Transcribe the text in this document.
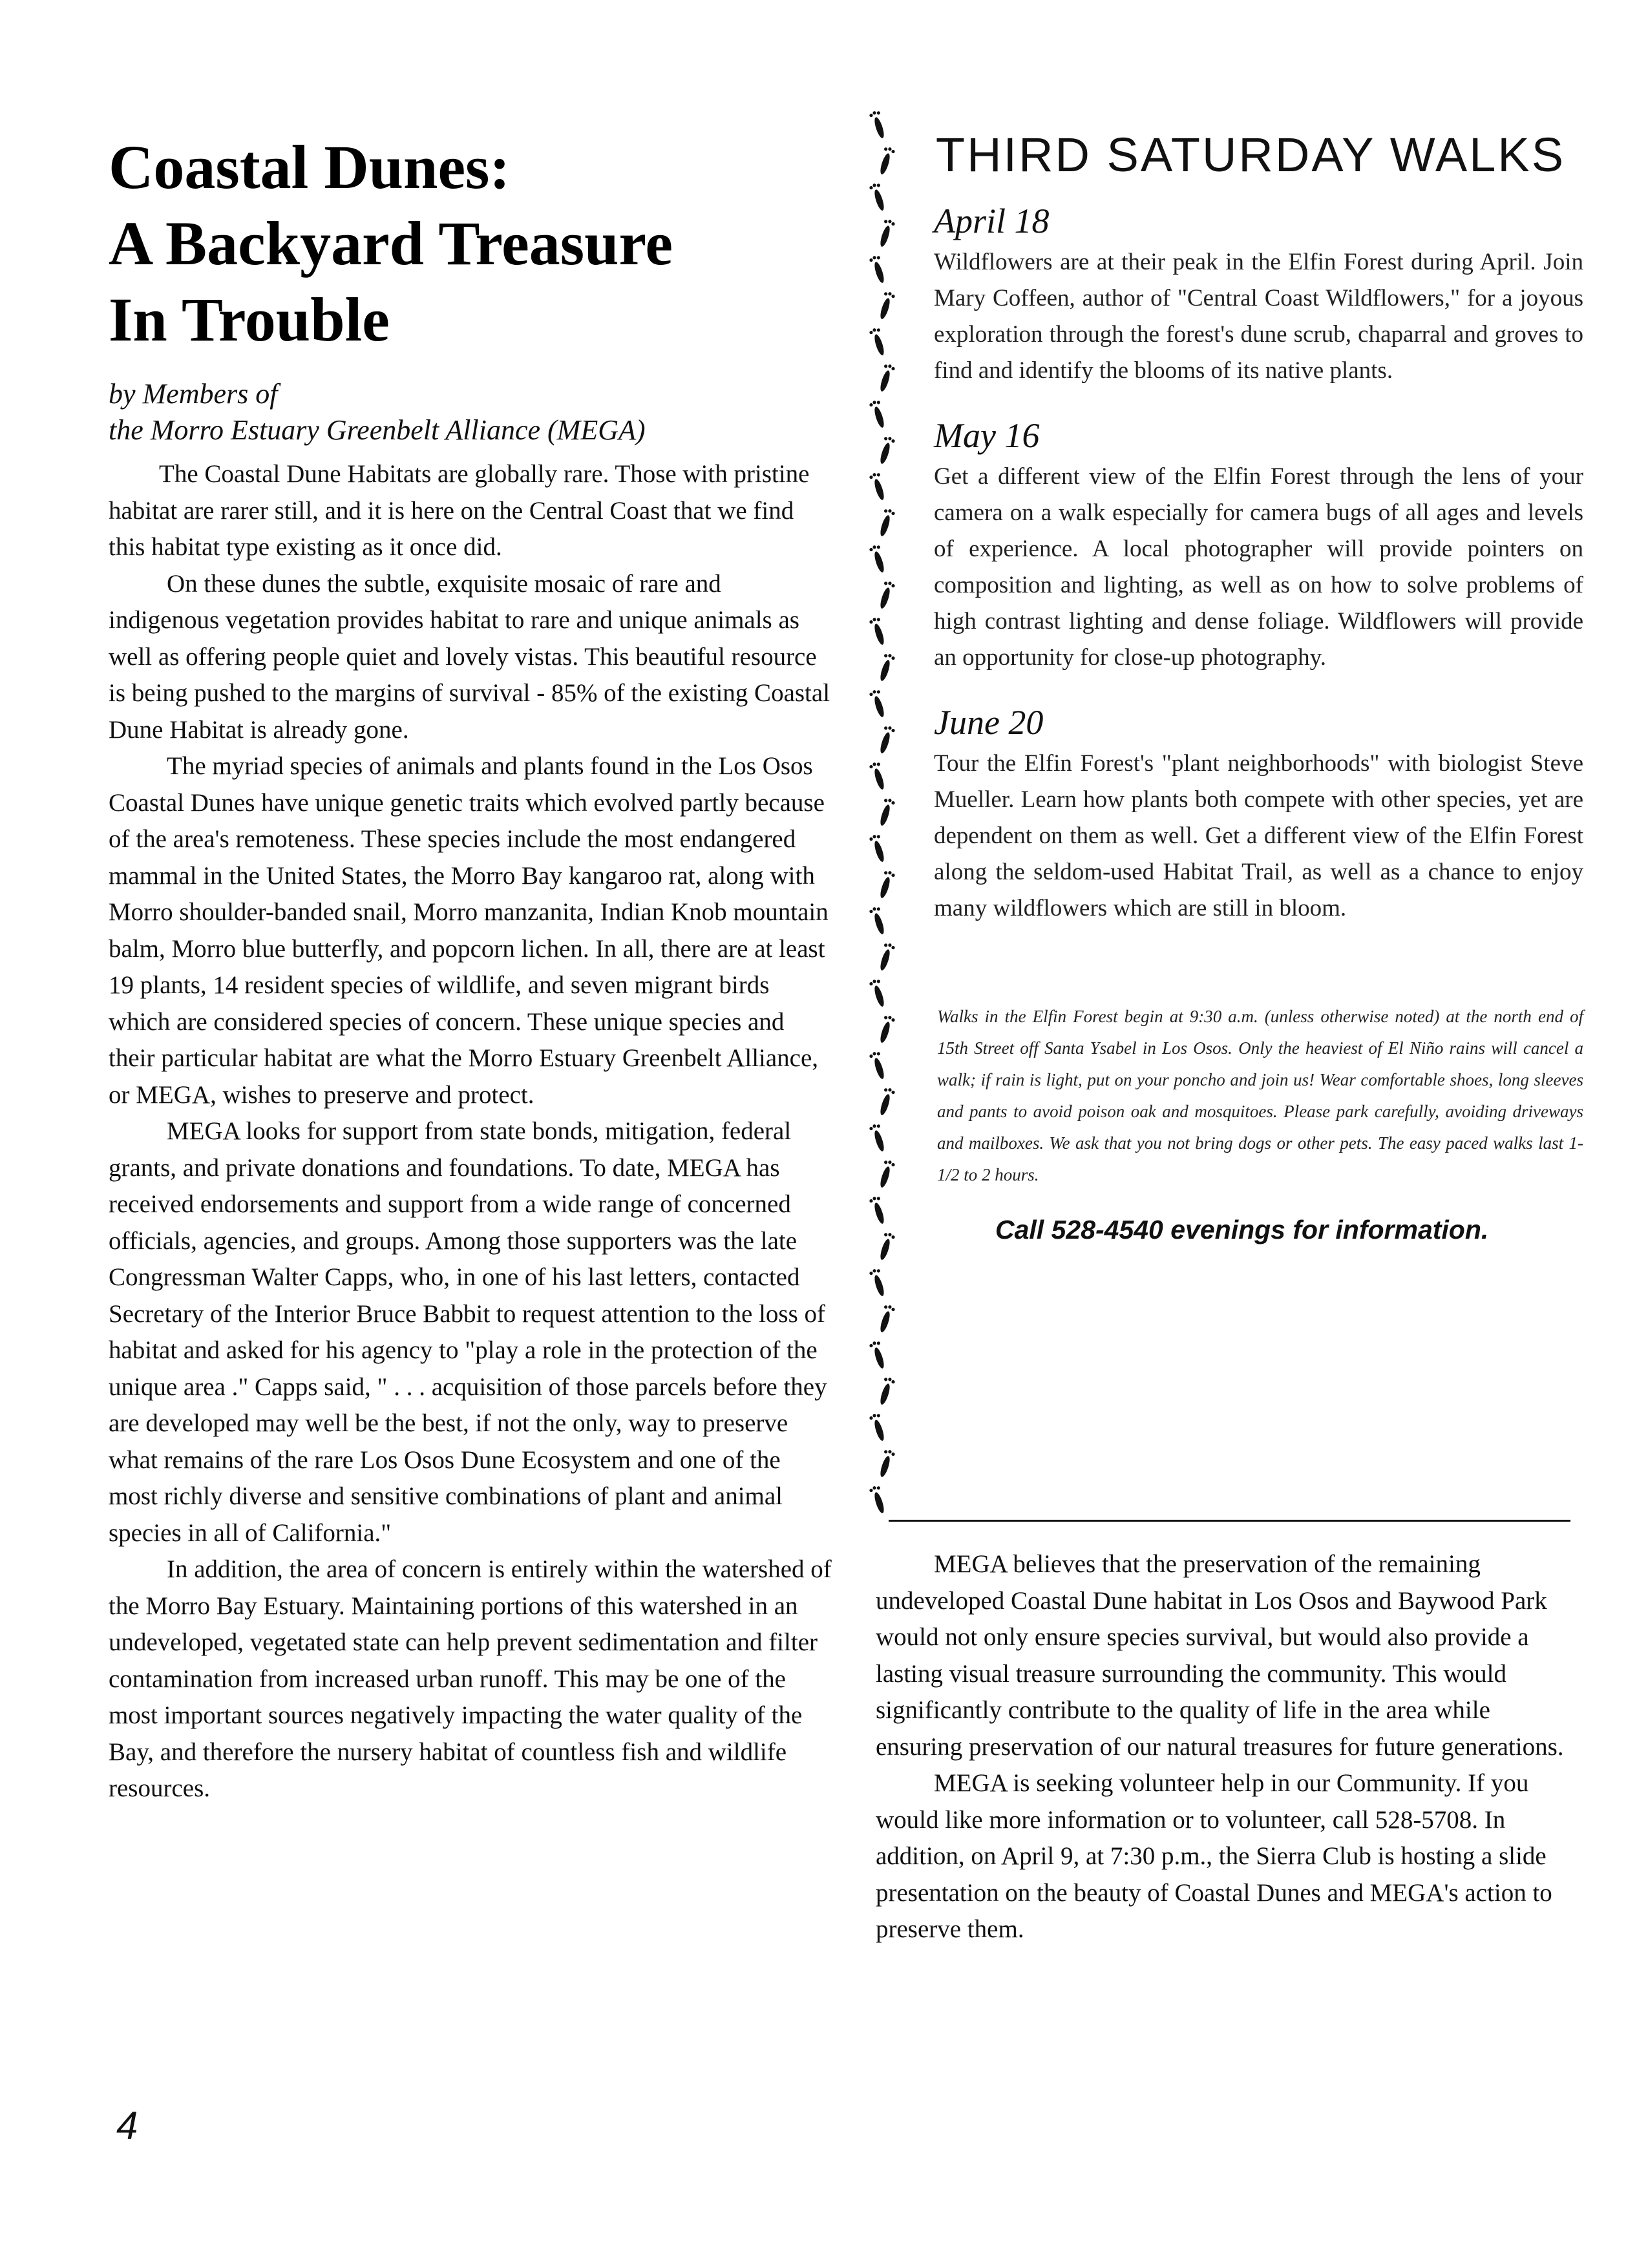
Coastal Dunes:
A Backyard Treasure
In Trouble
by Members of
the Morro Estuary Greenbelt Alliance (MEGA)

The Coastal Dune Habitats are globally rare. Those with pristine habitat are rarer still, and it is here on the Central Coast that we find this habitat type existing as it once did.

On these dunes the subtle, exquisite mosaic of rare and indigenous vegetation provides habitat to rare and unique animals as well as offering people quiet and lovely vistas. This beautiful resource is being pushed to the margins of survival - 85% of the existing Coastal Dune Habitat is already gone.

The myriad species of animals and plants found in the Los Osos Coastal Dunes have unique genetic traits which evolved partly because of the area's remoteness. These species include the most endangered mammal in the United States, the Morro Bay kangaroo rat, along with Morro shoulder-banded snail, Morro manzanita, Indian Knob mountain balm, Morro blue butterfly, and popcorn lichen. In all, there are at least 19 plants, 14 resident species of wildlife, and seven migrant birds which are considered species of concern. These unique species and their particular habitat are what the Morro Estuary Greenbelt Alliance, or MEGA, wishes to preserve and protect.

MEGA looks for support from state bonds, mitigation, federal grants, and private donations and foundations. To date, MEGA has received endorsements and support from a wide range of concerned officials, agencies, and groups. Among those supporters was the late Congressman Walter Capps, who, in one of his last letters, contacted Secretary of the Interior Bruce Babbit to request attention to the loss of habitat and asked for his agency to "play a role in the protection of the unique area ." Capps said, " . . . acquisition of those parcels before they are developed may well be the best, if not the only, way to preserve what remains of the rare Los Osos Dune Ecosystem and one of the most richly diverse and sensitive combinations of plant and animal species in all of California."

In addition, the area of concern is entirely within the watershed of the Morro Bay Estuary. Maintaining portions of this watershed in an undeveloped, vegetated state can help prevent sedimentation and filter contamination from increased urban runoff. This may be one of the most important sources negatively impacting the water quality of the Bay, and therefore the nursery habitat of countless fish and wildlife resources.

4
THIRD SATURDAY WALKS
April 18

Wildflowers are at their peak in the Elfin Forest during April. Join Mary Coffeen, author of "Central Coast Wildflowers," for a joyous exploration through the forest's dune scrub, chaparral and groves to find and identify the blooms of its native plants.

May 16

Get a different view of the Elfin Forest through the lens of your camera on a walk especially for camera bugs of all ages and levels of experience. A local photographer will provide pointers on composition and lighting, as well as on how to solve problems of high contrast lighting and dense foliage. Wildflowers will provide an opportunity for close-up photography.

June 20

Tour the Elfin Forest's "plant neighborhoods" with biologist Steve Mueller. Learn how plants both compete with other species, yet are dependent on them as well. Get a different view of the Elfin Forest along the seldom-used Habitat Trail, as well as a chance to enjoy many wildflowers which are still in bloom.

Walks in the Elfin Forest begin at 9:30 a.m. (unless otherwise noted) at the north end of 15th Street off Santa Ysabel in Los Osos. Only the heaviest of El Niño rains will cancel a walk; if rain is light, put on your poncho and join us! Wear comfortable shoes, long sleeves and pants to avoid poison oak and mosquitoes. Please park carefully, avoiding driveways and mailboxes. We ask that you not bring dogs or other pets. The easy paced walks last 1-1/2 to 2 hours.

Call 528-4540 evenings for information.

MEGA believes that the preservation of the remaining undeveloped Coastal Dune habitat in Los Osos and Baywood Park would not only ensure species survival, but would also provide a lasting visual treasure surrounding the community. This would significantly contribute to the quality of life in the area while ensuring preservation of our natural treasures for future generations.

MEGA is seeking volunteer help in our Community. If you would like more information or to volunteer, call 528-5708. In addition, on April 9, at 7:30 p.m., the Sierra Club is hosting a slide presentation on the beauty of Coastal Dunes and MEGA's action to preserve them.
